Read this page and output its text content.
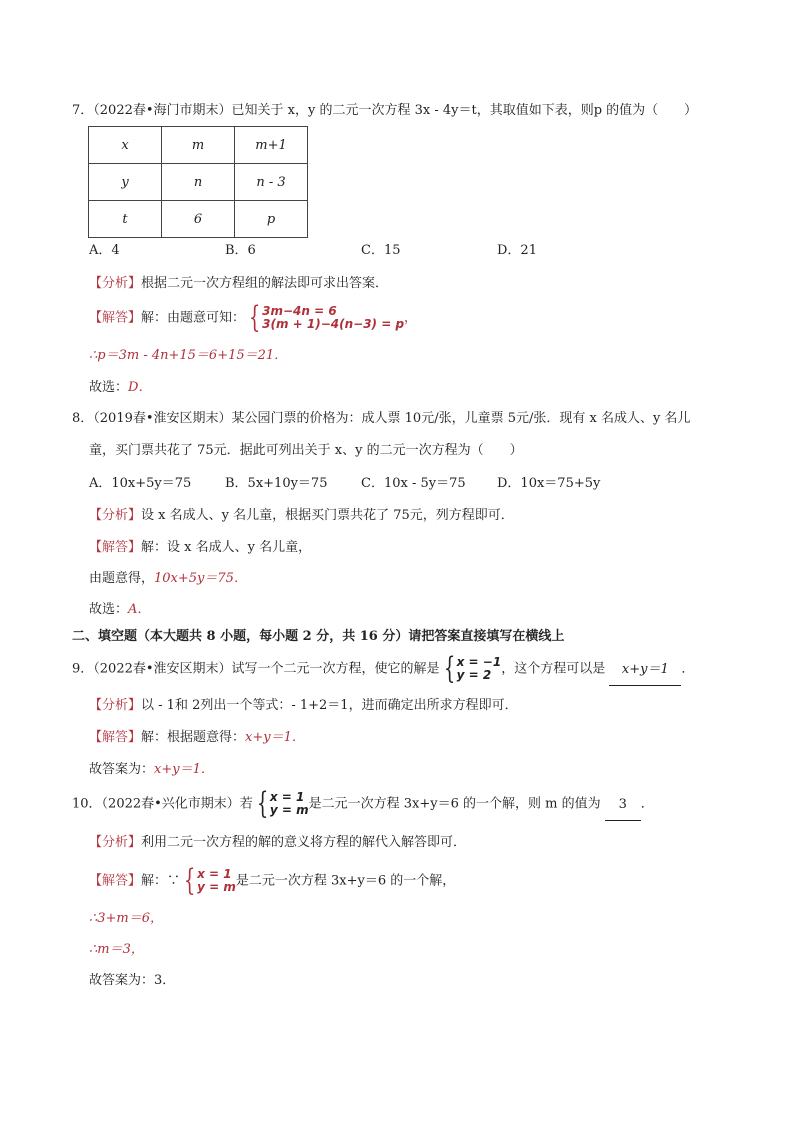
7．（2022春•海门市期末）已知关于 x，y 的二元一次方程 3x - 4y＝t，其取值如下表，则p 的值为（　　）
x	m	m+1
y	n	n - 3
t	6	p
A．4	B．6	C．15	D．21
【分析】根据二元一次方程组的解法即可求出答案．
【解答】解：由题意可知： { 3m−4n = 6
3(m + 1)−4(n−3) = p ，
∴p＝3m - 4n+15＝6+15＝21．
故选：D．
8．（2019春•淮安区期末）某公园门票的价格为：成人票 10元/张，儿童票 5元/张．现有 x 名成人、y 名儿
童，买门票共花了 75元．据此可列出关于 x、y 的二元一次方程为（　　）
A．10x+5y＝75	B．5x+10y＝75	C．10x - 5y＝75 D．10x＝75+5y
【分析】设 x 名成人、y 名儿童，根据买门票共花了 75元，列方程即可．
【解答】解：设 x 名成人、y 名儿童，
由题意得，10x+5y＝75．
故选：A．
二、填空题（本大题共 8 小题，每小题 2 分，共 16 分）请把答案直接填写在横线上
9．（2022春•淮安区期末）试写一个二元一次方程，使它的解是 { x = −1
y = 2 ，这个方程可以是 x+y＝1 ．
【分析】以 - 1和 2列出一个等式：- 1+2＝1，进而确定出所求方程即可．
【解答】解：根据题意得：x+y＝1．
故答案为：x+y＝1．
10．（2022春•兴化市期末）若 { x = 1
y = m 是二元一次方程 3x+y＝6 的一个解，则 m 的值为 3 ．
【分析】利用二元一次方程的解的意义将方程的解代入解答即可．
【解答】解：∵ { x = 1
y = m 是二元一次方程 3x+y＝6 的一个解，
∴3+m＝6，
∴m＝3，
故答案为：3．
